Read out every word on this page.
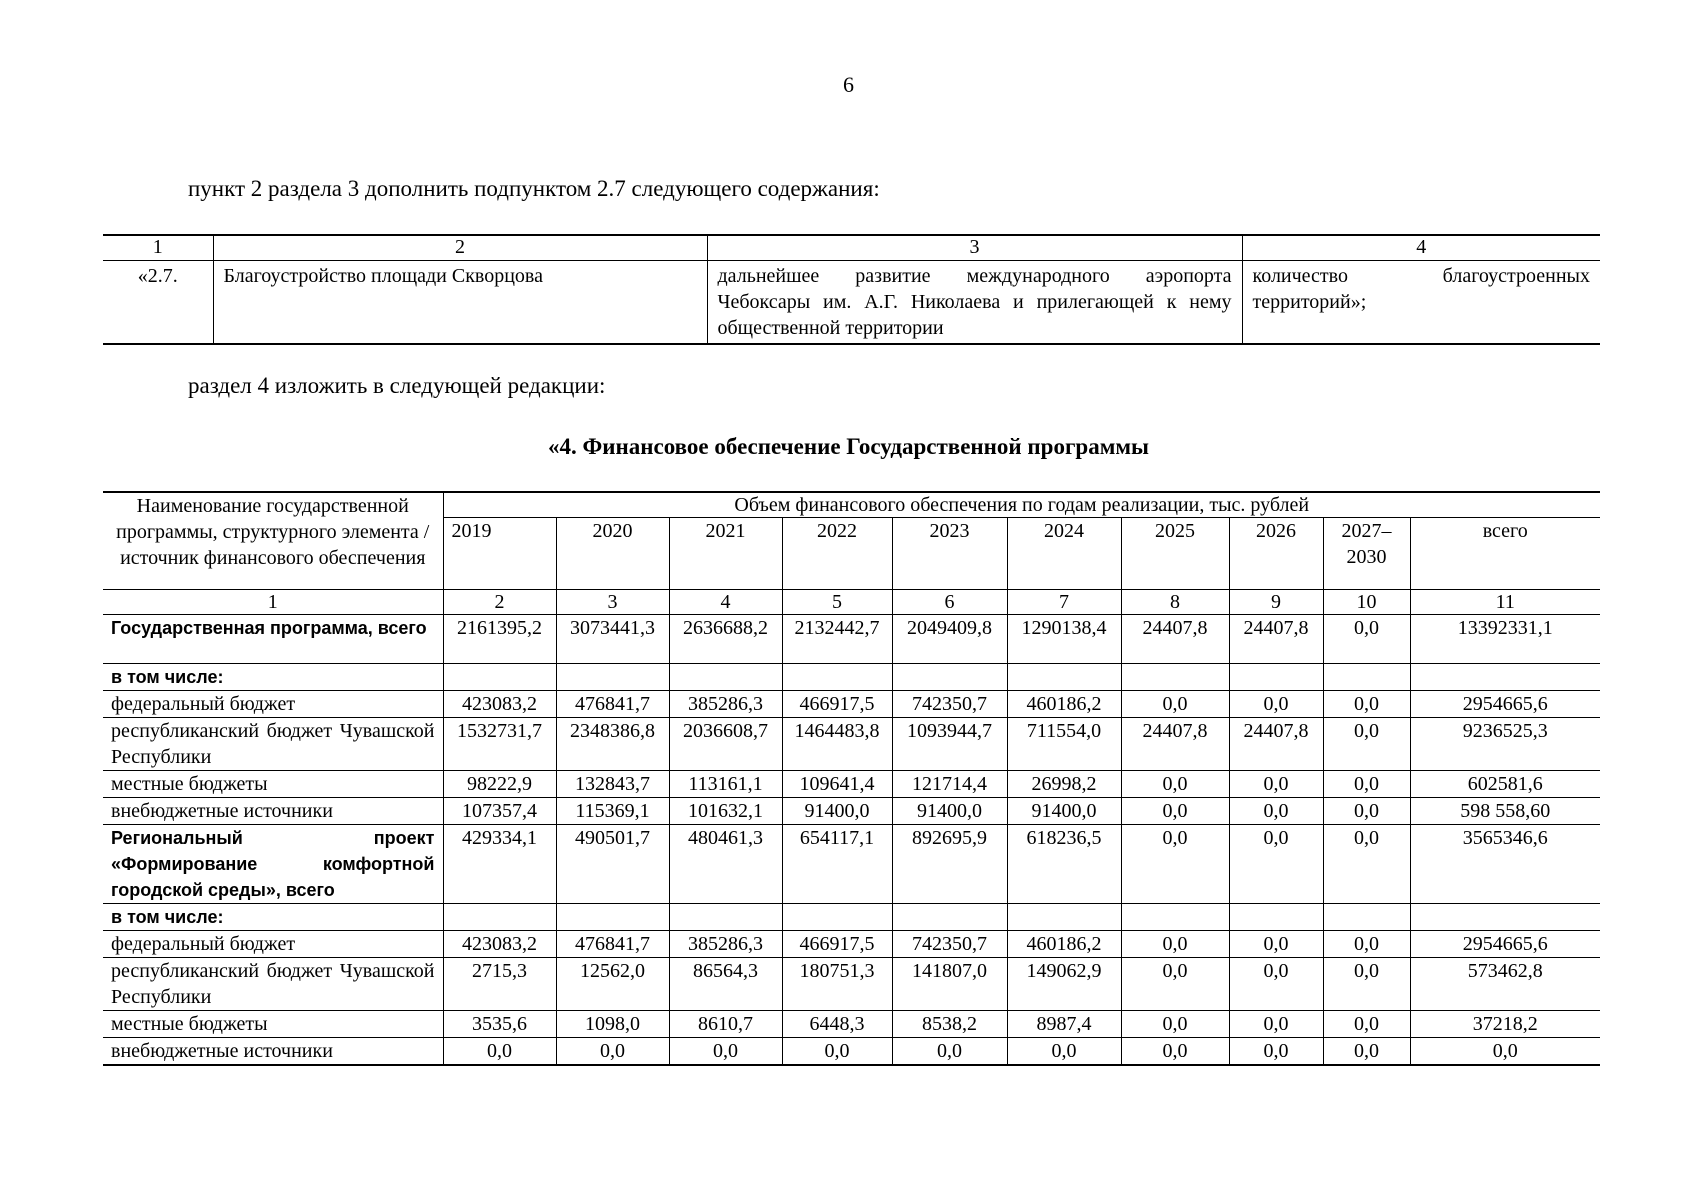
6
пункт 2 раздела 3 дополнить подпунктом 2.7 следующего содержания:
1	2	3	4
«2.7.	Благоустройство площади Скворцова	дальнейшее развитие международного аэропорта Чебоксары им. А.Г. Николаева и прилегающей к нему общественной территории	количество благоустроенных территорий»;
раздел 4 изложить в следующей редакции:
«4. Финансовое обеспечение Государственной программы
Наименование государственной программы, структурного элемента / источник финансового обеспечения	Объем финансового обеспечения по годам реализации, тыс. рублей									
	2019	2020	2021	2022	2023	2024	2025	2026	2027–2030	всего
1	2	3	4	5	6	7	8	9	10	11
Государственная программа, всего	2161395,2	3073441,3	2636688,2	2132442,7	2049409,8	1290138,4	24407,8	24407,8	0,0	13392331,1
в том числе:										
федеральный бюджет	423083,2	476841,7	385286,3	466917,5	742350,7	460186,2	0,0	0,0	0,0	2954665,6
республиканский бюджет Чувашской Республики	1532731,7	2348386,8	2036608,7	1464483,8	1093944,7	711554,0	24407,8	24407,8	0,0	9236525,3
местные бюджеты	98222,9	132843,7	113161,1	109641,4	121714,4	26998,2	0,0	0,0	0,0	602581,6
внебюджетные источники	107357,4	115369,1	101632,1	91400,0	91400,0	91400,0	0,0	0,0	0,0	598 558,60
Региональный проект «Формирование комфортной городской среды», всего	429334,1	490501,7	480461,3	654117,1	892695,9	618236,5	0,0	0,0	0,0	3565346,6
в том числе:										
федеральный бюджет	423083,2	476841,7	385286,3	466917,5	742350,7	460186,2	0,0	0,0	0,0	2954665,6
республиканский бюджет Чувашской Республики	2715,3	12562,0	86564,3	180751,3	141807,0	149062,9	0,0	0,0	0,0	573462,8
местные бюджеты	3535,6	1098,0	8610,7	6448,3	8538,2	8987,4	0,0	0,0	0,0	37218,2
внебюджетные источники	0,0	0,0	0,0	0,0	0,0	0,0	0,0	0,0	0,0	0,0
